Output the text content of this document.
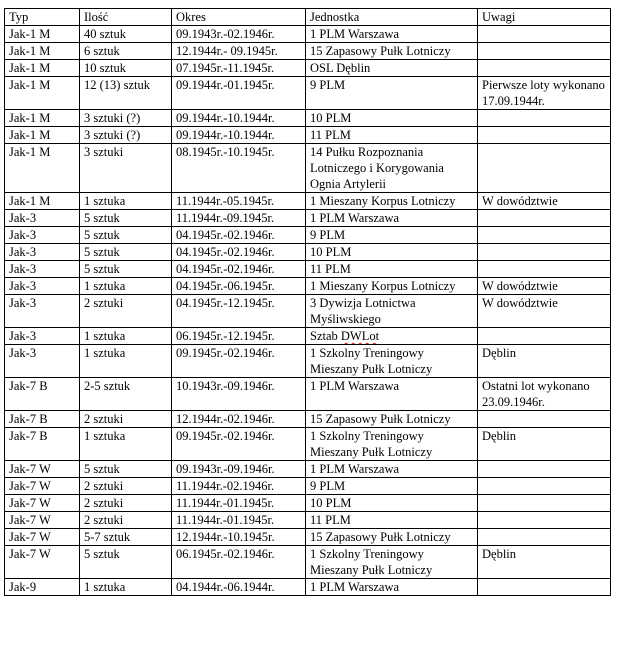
Typ	Ilość	Okres	Jednostka	Uwagi
Jak-1 M	40 sztuk	09.1943r.-02.1946r.	1 PLM Warszawa	
Jak-1 M	6 sztuk	12.1944r.- 09.1945r.	15 Zapasowy Pułk Lotniczy	
Jak-1 M	10 sztuk	07.1945r.-11.1945r.	OSL Dęblin	
Jak-1 M	12 (13) sztuk	09.1944r.-01.1945r.	9 PLM	Pierwsze loty wykonano 17.09.1944r.
Jak-1 M	3 sztuki (?)	09.1944r.-10.1944r.	10 PLM	
Jak-1 M	3 sztuki (?)	09.1944r.-10.1944r.	11 PLM	
Jak-1 M	3 sztuki	08.1945r.-10.1945r.	14 Pułku Rozpoznania Lotniczego i Korygowania Ognia Artylerii	
Jak-1 M	1 sztuka	11.1944r.-05.1945r.	1 Mieszany Korpus Lotniczy	W dowództwie
Jak-3	5 sztuk	11.1944r.-09.1945r.	1 PLM Warszawa	
Jak-3	5 sztuk	04.1945r.-02.1946r.	9 PLM	
Jak-3	5 sztuk	04.1945r.-02.1946r.	10 PLM	
Jak-3	5 sztuk	04.1945r.-02.1946r.	11 PLM	
Jak-3	1 sztuka	04.1945r.-06.1945r.	1 Mieszany Korpus Lotniczy	W dowództwie
Jak-3	2 sztuki	04.1945r.-12.1945r.	3 Dywizja Lotnictwa Myśliwskiego	W dowództwie
Jak-3	1 sztuka	06.1945r.-12.1945r.	Sztab DWLot	
Jak-3	1 sztuka	09.1945r.-02.1946r.	1 Szkolny Treningowy Mieszany Pułk Lotniczy	Dęblin
Jak-7 B	2-5 sztuk	10.1943r.-09.1946r.	1 PLM Warszawa	Ostatni lot wykonano 23.09.1946r.
Jak-7 B	2 sztuki	12.1944r.-02.1946r.	15 Zapasowy Pułk Lotniczy	
Jak-7 B	1 sztuka	09.1945r.-02.1946r.	1 Szkolny Treningowy Mieszany Pułk Lotniczy	Dęblin
Jak-7 W	5 sztuk	09.1943r.-09.1946r.	1 PLM Warszawa	
Jak-7 W	2 sztuki	11.1944r.-02.1946r.	9 PLM	
Jak-7 W	2 sztuki	11.1944r.-01.1945r.	10 PLM	
Jak-7 W	2 sztuki	11.1944r.-01.1945r.	11 PLM	
Jak-7 W	5-7 sztuk	12.1944r.-10.1945r.	15 Zapasowy Pułk Lotniczy	
Jak-7 W	5 sztuk	06.1945r.-02.1946r.	1 Szkolny Treningowy Mieszany Pułk Lotniczy	Dęblin
Jak-9	1 sztuka	04.1944r.-06.1944r.	1 PLM Warszawa	
